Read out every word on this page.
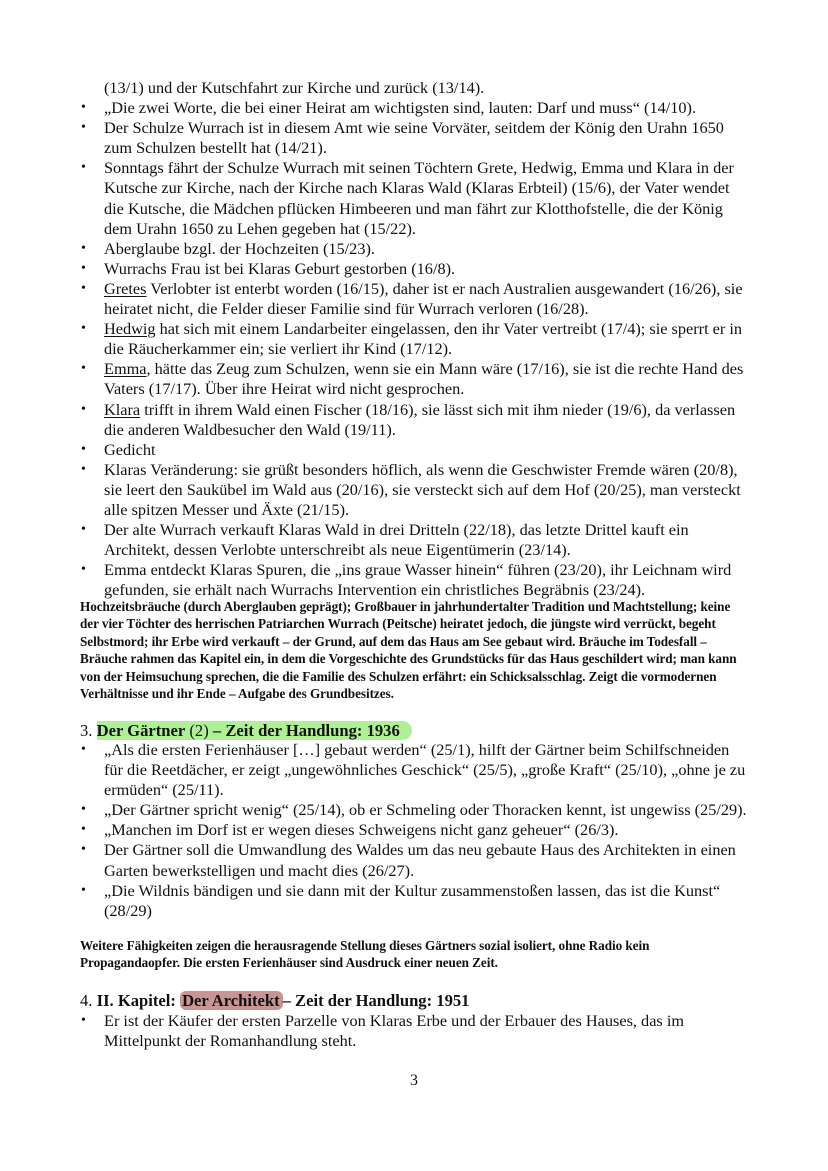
(13/1) und der Kutschfahrt zur Kirche und zurück (13/14).
• „Die zwei Worte, die bei einer Heirat am wichtigsten sind, lauten: Darf und muss“ (14/10).
• Der Schulze Wurrach ist in diesem Amt wie seine Vorväter, seitdem der König den Urahn 1650 zum Schulzen bestellt hat (14/21).
• Sonntags fährt der Schulze Wurrach mit seinen Töchtern Grete, Hedwig, Emma und Klara in der Kutsche zur Kirche, nach der Kirche nach Klaras Wald (Klaras Erbteil) (15/6), der Vater wendet die Kutsche, die Mädchen pflücken Himbeeren und man fährt zur Klotthofstelle, die der König dem Urahn 1650 zu Lehen gegeben hat (15/22).
• Aberglaube bzgl. der Hochzeiten (15/23).
• Wurrachs Frau ist bei Klaras Geburt gestorben (16/8).
• Gretes Verlobter ist enterbt worden (16/15), daher ist er nach Australien ausgewandert (16/26), sie heiratet nicht, die Felder dieser Familie sind für Wurrach verloren (16/28).
• Hedwig hat sich mit einem Landarbeiter eingelassen, den ihr Vater vertreibt (17/4); sie sperrt er in die Räucherkammer ein; sie verliert ihr Kind (17/12).
• Emma, hätte das Zeug zum Schulzen, wenn sie ein Mann wäre (17/16), sie ist die rechte Hand des Vaters (17/17). Über ihre Heirat wird nicht gesprochen.
• Klara trifft in ihrem Wald einen Fischer (18/16), sie lässt sich mit ihm nieder (19/6), da verlassen die anderen Waldbesucher den Wald (19/11).
• Gedicht
• Klaras Veränderung: sie grüßt besonders höflich, als wenn die Geschwister Fremde wären (20/8), sie leert den Saukübel im Wald aus (20/16), sie versteckt sich auf dem Hof (20/25), man versteckt alle spitzen Messer und Äxte (21/15).
• Der alte Wurrach verkauft Klaras Wald in drei Dritteln (22/18), das letzte Drittel kauft ein Architekt, dessen Verlobte unterschreibt als neue Eigentümerin (23/14).
• Emma entdeckt Klaras Spuren, die „ins graue Wasser hinein“ führen (23/20), ihr Leichnam wird gefunden, sie erhält nach Wurrachs Intervention ein christliches Begräbnis (23/24).
Hochzeitsbräuche (durch Aberglauben geprägt); Großbauer in jahrhundertalter Tradition und Machtstellung; keine der vier Töchter des herrischen Patriarchen Wurrach (Peitsche) heiratet jedoch, die jüngste wird verrückt, begeht Selbstmord; ihr Erbe wird verkauft – der Grund, auf dem das Haus am See gebaut wird. Bräuche im Todesfall – Bräuche rahmen das Kapitel ein, in dem die Vorgeschichte des Grundstücks für das Haus geschildert wird; man kann von der Heimsuchung sprechen, die die Familie des Schulzen erfährt: ein Schicksalsschlag. Zeigt die vormodernen Verhältnisse und ihr Ende – Aufgabe des Grundbesitzes.
3. Der Gärtner (2) – Zeit der Handlung: 1936
• „Als die ersten Ferienhäuser […] gebaut werden“ (25/1), hilft der Gärtner beim Schilfschneiden für die Reetdächer, er zeigt „ungewöhnliches Geschick“ (25/5), „große Kraft“ (25/10), „ohne je zu ermüden“ (25/11).
• „Der Gärtner spricht wenig“ (25/14), ob er Schmeling oder Thoracken kennt, ist ungewiss (25/29).
• „Manchen im Dorf ist er wegen dieses Schweigens nicht ganz geheuer“ (26/3).
• Der Gärtner soll die Umwandlung des Waldes um das neu gebaute Haus des Architekten in einen Garten bewerkstelligen und macht dies (26/27).
• „Die Wildnis bändigen und sie dann mit der Kultur zusammenstoßen lassen, das ist die Kunst“ (28/29)
Weitere Fähigkeiten zeigen die herausragende Stellung dieses Gärtners sozial isoliert, ohne Radio kein Propagandaopfer. Die ersten Ferienhäuser sind Ausdruck einer neuen Zeit.
4. II. Kapitel: Der Architekt – Zeit der Handlung: 1951
• Er ist der Käufer der ersten Parzelle von Klaras Erbe und der Erbauer des Hauses, das im Mittelpunkt der Romanhandlung steht.
3
